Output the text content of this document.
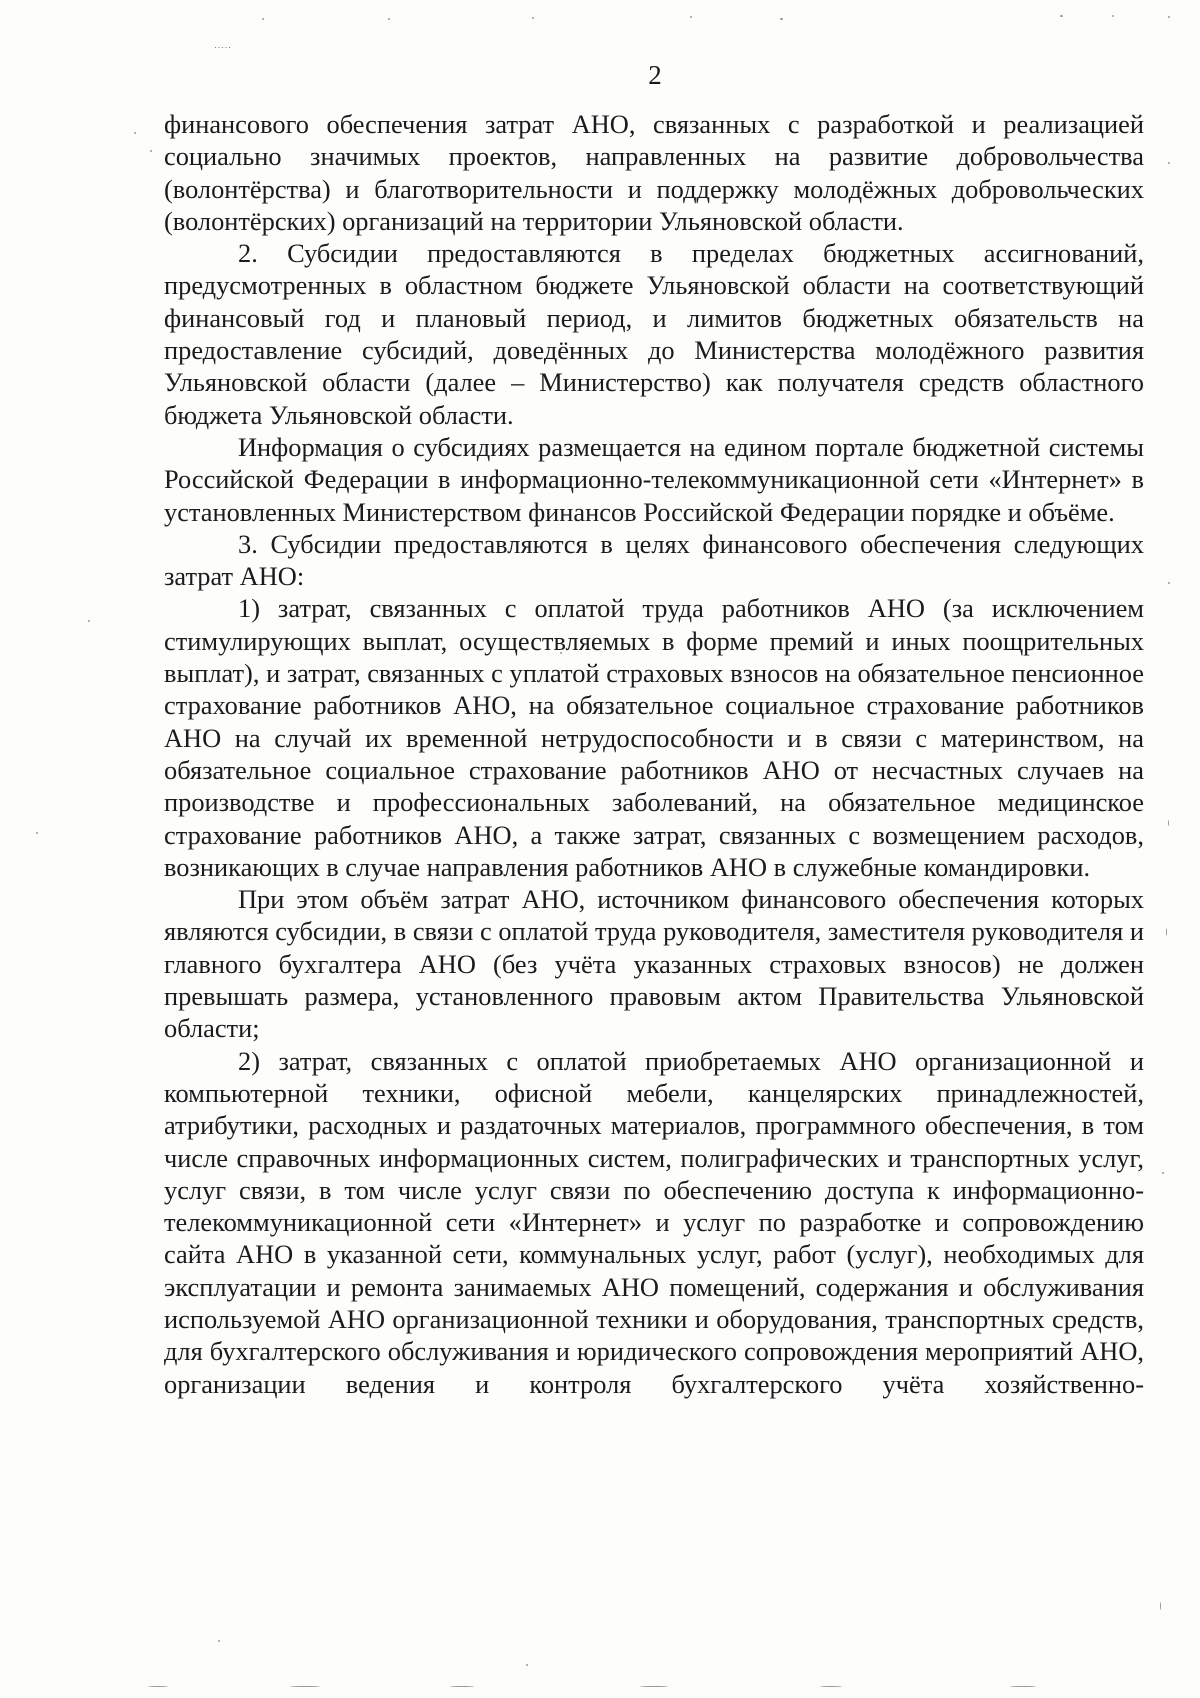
·····
2

финансового обеспечения затрат АНО, связанных с разработкой и реализацией социально значимых проектов, направленных на развитие добровольчества (волонтёрства) и благотворительности и поддержку молодёжных добровольческих (волонтёрских) организаций на территории Ульяновской области.

2. Субсидии предоставляются в пределах бюджетных ассигнований, предусмотренных в областном бюджете Ульяновской области на соответствующий финансовый год и плановый период, и лимитов бюджетных обязательств на предоставление субсидий, доведённых до Министерства молодёжного развития Ульяновской области (далее – Министерство) как получателя средств областного бюджета Ульяновской области.

Информация о субсидиях размещается на едином портале бюджетной системы Российской Федерации в информационно-телекоммуникационной сети «Интернет» в установленных Министерством финансов Российской Федерации порядке и объёме.

3. Субсидии предоставляются в целях финансового обеспечения следующих затрат АНО:

1) затрат, связанных с оплатой труда работников АНО (за исключением стимулирующих выплат, осуществляемых в форме премий и иных поощрительных выплат), и затрат, связанных с уплатой страховых взносов на обязательное пенсионное страхование работников АНО, на обязательное социальное страхование работников АНО на случай их временной нетрудоспособности и в связи с материнством, на обязательное социальное страхование работников АНО от несчастных случаев на производстве и профессиональных заболеваний, на обязательное медицинское страхование работников АНО, а также затрат, связанных с возмещением расходов, возникающих в случае направления работников АНО в служебные командировки.

При этом объём затрат АНО, источником финансового обеспечения которых являются субсидии, в связи с оплатой труда руководителя, заместителя руководителя и главного бухгалтера АНО (без учёта указанных страховых взносов) не должен превышать размера, установленного правовым актом Правительства Ульяновской области;

2) затрат, связанных с оплатой приобретаемых АНО организационной и компьютерной техники, офисной мебели, канцелярских принадлежностей, атрибутики, расходных и раздаточных материалов, программного обеспечения, в том числе справочных информационных систем, полиграфических и транспортных услуг, услуг связи, в том числе услуг связи по обеспечению доступа к информационно-телекоммуникационной сети «Интернет» и услуг по разработке и сопровождению сайта АНО в указанной сети, коммунальных услуг, работ (услуг), необходимых для эксплуатации и ремонта занимаемых АНО помещений, содержания и обслуживания используемой АНО организационной техники и оборудования, транспортных средств, для бухгалтерского обслуживания и юридического сопровождения мероприятий АНО, организации ведения и контроля бухгалтерского учёта хозяйственно-
